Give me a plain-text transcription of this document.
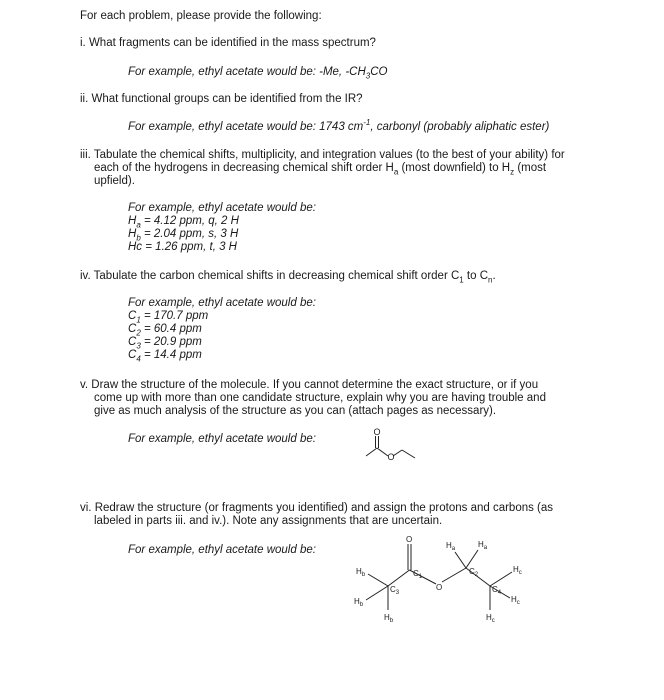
For each problem, please provide the following:
i. What fragments can be identified in the mass spectrum?
For example, ethyl acetate would be: -Me, $-CH_3CO$
ii. What functional groups can be identified from the IR?
For example, ethyl acetate would be: 1743 $cm^{-1}$, carbonyl (probably aliphatic ester)
iii. Tabulate the chemical shifts, multiplicity, and integration values (to the best of your ability) for
each of the hydrogens in decreasing chemical shift order $H_a$ (most downfield) to $H_z$ (most
upfield).
For example, ethyl acetate would be:
$H_a = 4.12$ ppm, q, 2 H
$H_b = 2.04$ ppm, s, 3 H
Hc = 1.26 ppm, t, 3 H
iv. Tabulate the carbon chemical shifts in decreasing chemical shift order $C_1$ to $C_n$.
For example, ethyl acetate would be:
$C_1 = 170.7$ ppm
$C_2 = 60.4$ ppm
$C_3 = 20.9$ ppm
$C_4 = 14.4$ ppm
v. Draw the structure of the molecule. If you cannot determine the exact structure, or if you
come up with more than one candidate structure, explain why you are having trouble and
give as much analysis of the structure as you can (attach pages as necessary).
For example, ethyl acetate would be:
O
O
vi. Redraw the structure (or fragments you identified) and assign the protons and carbons (as
labeled in parts iii. and iv.). Note any assignments that are uncertain.
For example, ethyl acetate would be:
O
O
$H_a$	$H_a$
$H_b$
$H_b$
$H_b$
$H_c$
$H_c$
$H_c$
$C_1$
$C_2$
$C_3$	$C_4$
